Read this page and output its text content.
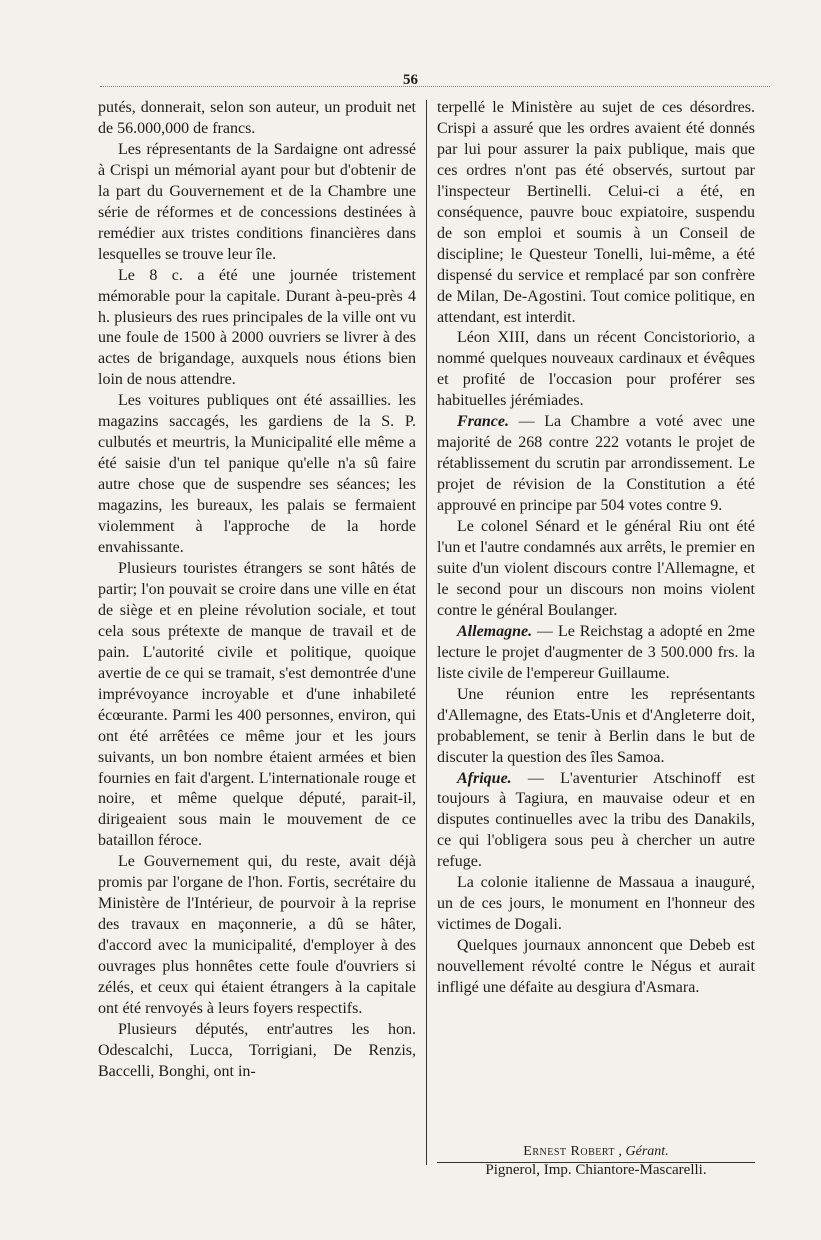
56

putés, donnerait, selon son auteur, un produit net de 56.000,000 de francs.

Les répresentants de la Sardaigne ont adressé à Crispi un mémorial ayant pour but d'obtenir de la part du Gouvernement et de la Chambre une série de réformes et de concessions destinées à remédier aux tristes conditions financières dans lesquelles se trouve leur île.

Le 8 c. a été une journée tristement mémorable pour la capitale. Durant à-peu-près 4 h. plusieurs des rues principales de la ville ont vu une foule de 1500 à 2000 ouvriers se livrer à des actes de brigandage, auxquels nous étions bien loin de nous attendre.

Les voitures publiques ont été assaillies. les magazins saccagés, les gardiens de la S. P. culbutés et meurtris, la Municipalité elle même a été saisie d'un tel panique qu'elle n'a sû faire autre chose que de suspendre ses séances; les magazins, les bureaux, les palais se fermaient violemment à l'approche de la horde envahissante.

Plusieurs touristes étrangers se sont hâtés de partir; l'on pouvait se croire dans une ville en état de siège et en pleine révolution sociale, et tout cela sous prétexte de manque de travail et de pain. L'autorité civile et politique, quoique avertie de ce qui se tramait, s'est demontrée d'une imprévoyance incroyable et d'une inhabileté écœurante. Parmi les 400 personnes, environ, qui ont été arrêtées ce même jour et les jours suivants, un bon nombre étaient armées et bien fournies en fait d'argent. L'internationale rouge et noire, et même quelque député, parait-il, dirigeaient sous main le mouvement de ce bataillon féroce.

Le Gouvernement qui, du reste, avait déjà promis par l'organe de l'hon. Fortis, secrétaire du Ministère de l'Intérieur, de pourvoir à la reprise des travaux en maçonnerie, a dû se hâter, d'accord avec la municipalité, d'employer à des ouvrages plus honnêtes cette foule d'ouvriers si zélés, et ceux qui étaient étrangers à la capitale ont été renvoyés à leurs foyers respectifs.

Plusieurs députés, entr'autres les hon. Odescalchi, Lucca, Torrigiani, De Renzis, Baccelli, Bonghi, ont in-

terpellé le Ministère au sujet de ces désordres. Crispi a assuré que les ordres avaient été donnés par lui pour assurer la paix publique, mais que ces ordres n'ont pas été observés, surtout par l'inspecteur Bertinelli. Celui-ci a été, en conséquence, pauvre bouc expiatoire, suspendu de son emploi et soumis à un Conseil de discipline; le Questeur Tonelli, lui-même, a été dispensé du service et remplacé par son confrère de Milan, De-Agostini. Tout comice politique, en attendant, est interdit.

Léon XIII, dans un récent Concistoriorio, a nommé quelques nouveaux cardinaux et évêques et profité de l'occasion pour proférer ses habituelles jérémiades.

France. — La Chambre a voté avec une majorité de 268 contre 222 votants le projet de rétablissement du scrutin par arrondissement. Le projet de révision de la Constitution a été approuvé en principe par 504 votes contre 9.

Le colonel Sénard et le général Riu ont été l'un et l'autre condamnés aux arrêts, le premier en suite d'un violent discours contre l'Allemagne, et le second pour un discours non moins violent contre le général Boulanger.

Allemagne. — Le Reichstag a adopté en 2me lecture le projet d'augmenter de 3 500.000 frs. la liste civile de l'empereur Guillaume.

Une réunion entre les représentants d'Allemagne, des Etats-Unis et d'Angleterre doit, probablement, se tenir à Berlin dans le but de discuter la question des îles Samoa.

Afrique. — L'aventurier Atschinoff est toujours à Tagiura, en mauvaise odeur et en disputes continuelles avec la tribu des Danakils, ce qui l'obligera sous peu à chercher un autre refuge.

La colonie italienne de Massaua a inauguré, un de ces jours, le monument en l'honneur des victimes de Dogali.

Quelques journaux annoncent que Debeb est nouvellement révolté contre le Négus et aurait infligé une défaite au desgiura d'Asmara.

Ernest Robert , Gérant.
Pignerol, Imp. Chiantore-Mascarelli.
